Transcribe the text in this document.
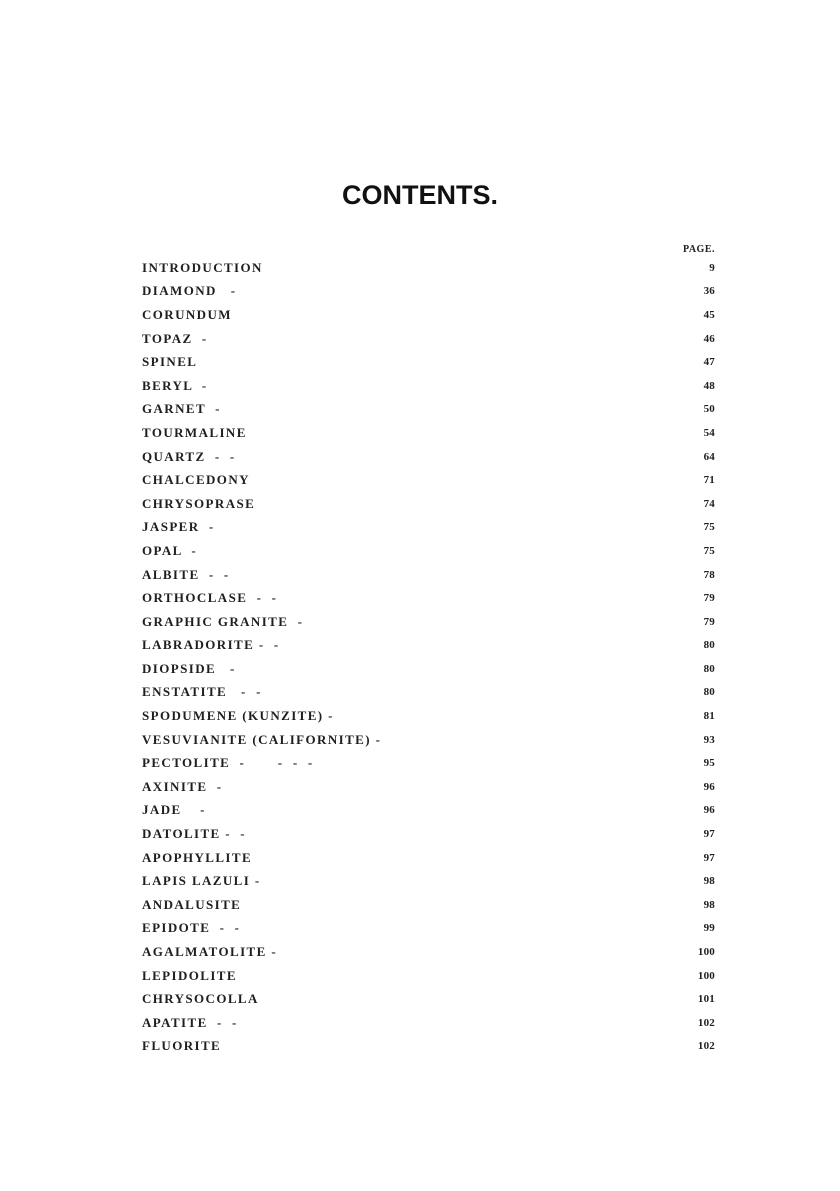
CONTENTS.
PAGE.
INTRODUCTION	9
DIAMOND   -	36
CORUNDUM	45
TOPAZ  -	46
SPINEL	47
BERYL  -	48
GARNET  -	50
TOURMALINE	54
QUARTZ  -  -	64
CHALCEDONY	71
CHRYSOPRASE	74
JASPER  -	75
OPAL  -	75
ALBITE  -  -	78
ORTHOCLASE  -  -	79
GRAPHIC GRANITE  -	79
LABRADORITE -  -	80
DIOPSIDE   -	80
ENSTATITE   -  -	80
SPODUMENE (KUNZITE) -	81
VESUVIANITE (CALIFORNITE) -	93
PECTOLITE  -       -  -  -	95
AXINITE  -	96
JADE    -	96
DATOLITE -  -	97
APOPHYLLITE	97
LAPIS LAZULI -	98
ANDALUSITE	98
EPIDOTE  -  -	99
AGALMATOLITE -	100
LEPIDOLITE	100
CHRYSOCOLLA	101
APATITE  -  -	102
FLUORITE	102
